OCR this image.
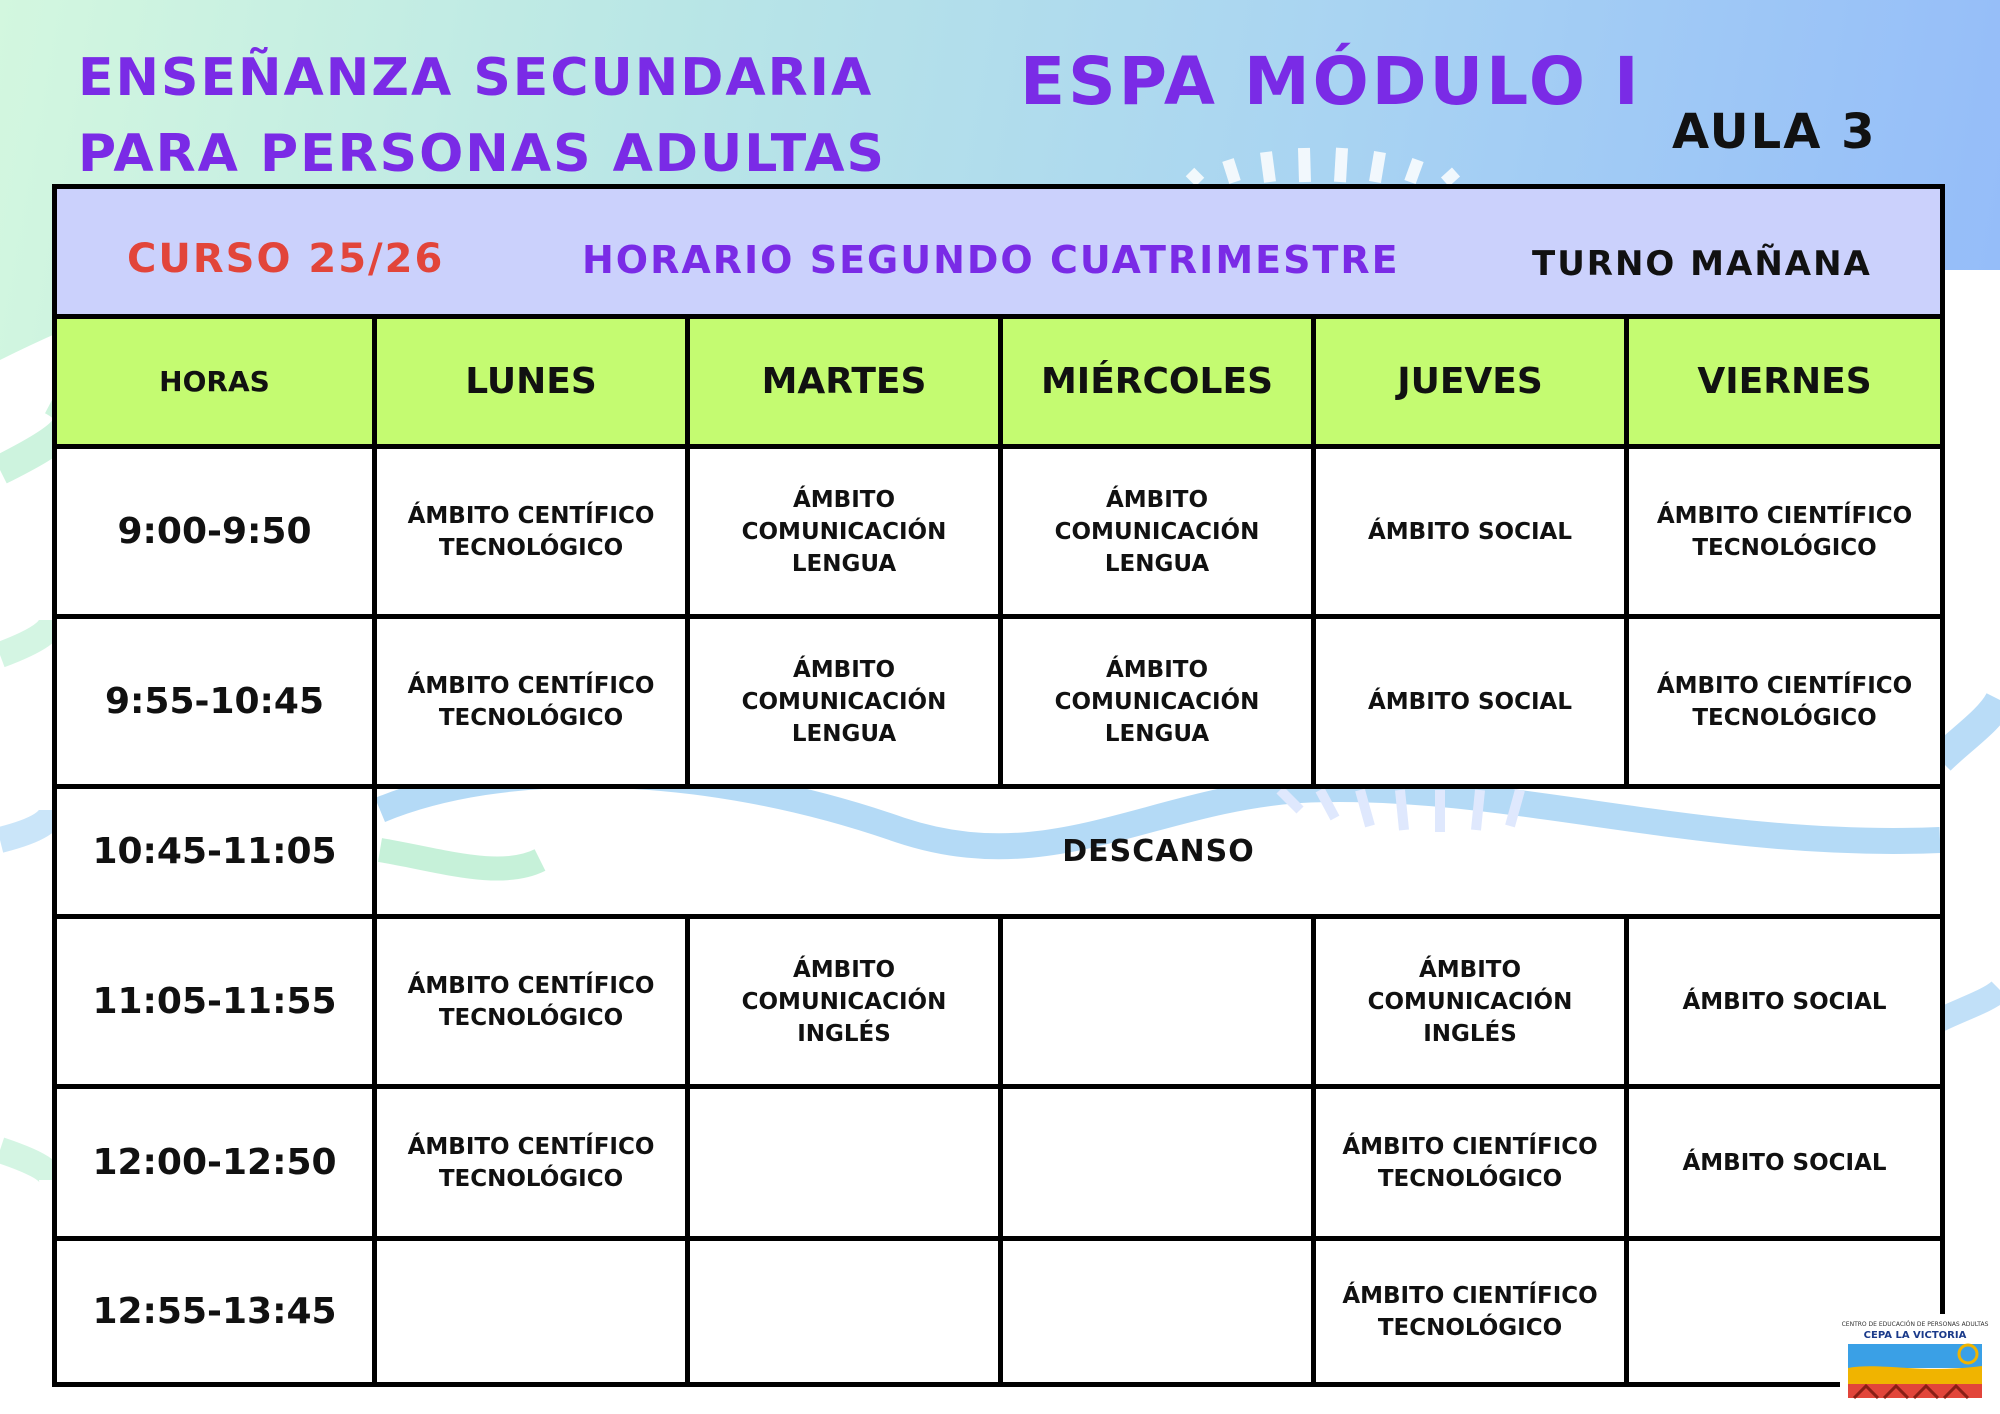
ENSEÑANZA SECUNDARIA
PARA PERSONAS ADULTAS
ESPA MÓDULO I
AULA 3
CURSO 25/26 HORARIO SEGUNDO CUATRIMESTRE TURNO MAÑANA					

HORAS	LUNES	MARTES	MIÉRCOLES	JUEVES	VIERNES
9:00-9:50	ÁMBITO CENTÍFICO TECNOLÓGICO	ÁMBITO COMUNICACIÓN LENGUA	ÁMBITO COMUNICACIÓN LENGUA	ÁMBITO SOCIAL	ÁMBITO CIENTÍFICO TECNOLÓGICO
9:55-10:45	ÁMBITO CENTÍFICO TECNOLÓGICO	ÁMBITO COMUNICACIÓN LENGUA	ÁMBITO COMUNICACIÓN LENGUA	ÁMBITO SOCIAL	ÁMBITO CIENTÍFICO TECNOLÓGICO
10:45-11:05	DESCANSO				
11:05-11:55	ÁMBITO CENTÍFICO TECNOLÓGICO	ÁMBITO COMUNICACIÓN INGLÉS		ÁMBITO COMUNICACIÓN INGLÉS	ÁMBITO SOCIAL
12:00-12:50	ÁMBITO CENTÍFICO TECNOLÓGICO			ÁMBITO CIENTÍFICO TECNOLÓGICO	ÁMBITO SOCIAL
12:55-13:45				ÁMBITO CIENTÍFICO TECNOLÓGICO		CENTRO DE EDUCACIÓN DE PERSONAS ADULTAS
CEPA LA VICTORIA
